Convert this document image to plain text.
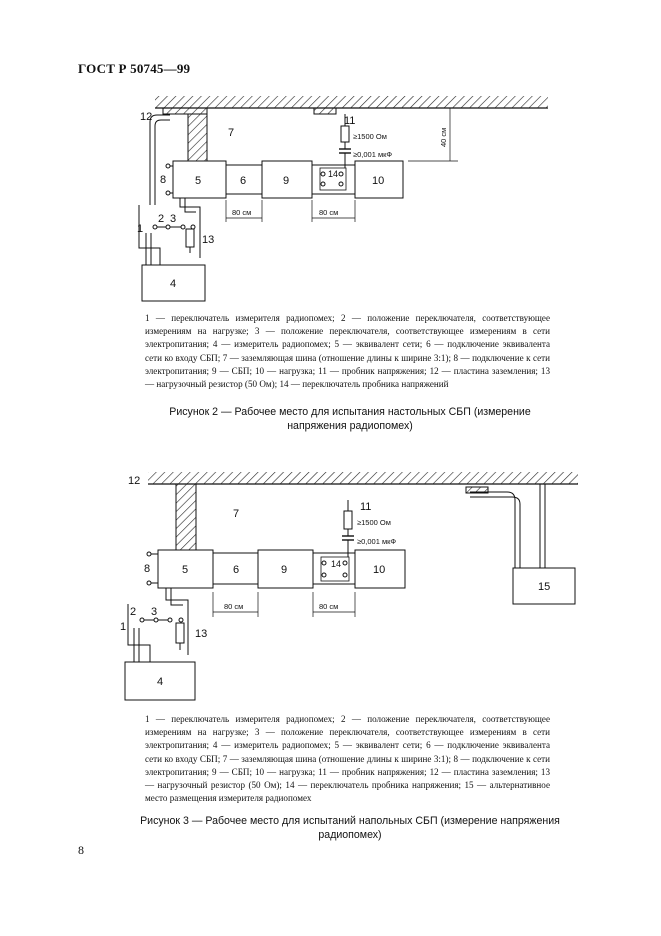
ГОСТ Р 50745—99
12
7
11
≥1500 Ом
≥0,001 мкФ
40 см
8	5	6	9
14
10
80 см	80 см
1
2 3
13
4
12
7
11
≥1500 Ом
≥0,001 мкФ
8	5	6	9	14	10
15
80 см	80 см
1
2 3
13
4
1 — переключатель измерителя радиопомех; 2 — положение переключателя, соответствующее измерениям на нагрузке; 3 — положение переключателя, соответствующее измерениям в сети электропитания; 4 — измеритель радиопомех; 5 — эквивалент сети; 6 — подключение эквивалента сети ко входу СБП; 7 — заземляющая шина (отношение длины к ширине 3:1); 8 — подключение к сети электропитания; 9 — СБП; 10 — нагрузка; 11 — пробник напряжения; 12 — пластина заземления; 13 — нагрузочный резистор (50 Ом); 14 — переключатель пробника напряжений
Рисунок 2 — Рабочее место для испытания настольных СБП (измерение напряжения радиопомех)
1 — переключатель измерителя радиопомех; 2 — положение переключателя, соответствующее измерениям на нагрузке; 3 — положение переключателя, соответствующее измерениям в сети электропитания; 4 — измеритель радиопомех; 5 — эквивалент сети; 6 — подключение эквивалента сети ко входу СБП; 7 — заземляющая шина (отношение длины к ширине 3:1); 8 — подключение к сети электропитания; 9 — СБП; 10 — нагрузка; 11 — пробник напряжения; 12 — пластина заземления; 13 — нагрузочный резистор (50 Ом); 14 — переключатель пробника напряжения; 15 — альтернативное место размещения измерителя радиопомех
Рисунок 3 — Рабочее место для испытаний напольных СБП (измерение напряжения радиопомех)
8
